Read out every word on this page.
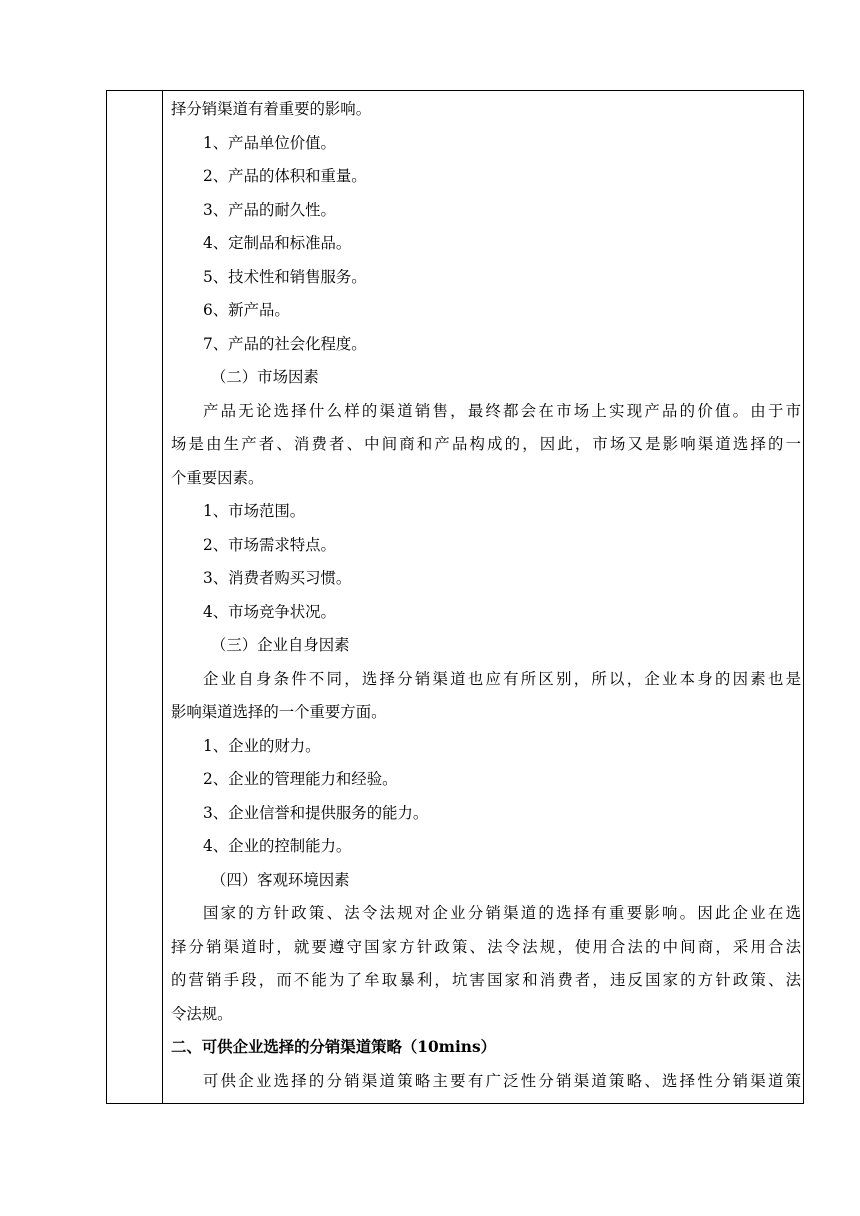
择分销渠道有着重要的影响。
1、产品单位价值。
2、产品的体积和重量。
3、产品的耐久性。
4、定制品和标准品。
5、技术性和销售服务。
6、新产品。
7、产品的社会化程度。
（二）市场因素
产品无论选择什么样的渠道销售，最终都会在市场上实现产品的价值。由于市
场是由生产者、消费者、中间商和产品构成的，因此，市场又是影响渠道选择的一
个重要因素。
1、市场范围。
2、市场需求特点。
3、消费者购买习惯。
4、市场竞争状况。
（三）企业自身因素
企业自身条件不同，选择分销渠道也应有所区别，所以，企业本身的因素也是
影响渠道选择的一个重要方面。
1、企业的财力。
2、企业的管理能力和经验。
3、企业信誉和提供服务的能力。
4、企业的控制能力。
（四）客观环境因素
国家的方针政策、法令法规对企业分销渠道的选择有重要影响。因此企业在选
择分销渠道时，就要遵守国家方针政策、法令法规，使用合法的中间商，采用合法
的营销手段，而不能为了牟取暴利，坑害国家和消费者，违反国家的方针政策、法
令法规。
二、可供企业选择的分销渠道策略（10mins）
可供企业选择的分销渠道策略主要有广泛性分销渠道策略、选择性分销渠道策
